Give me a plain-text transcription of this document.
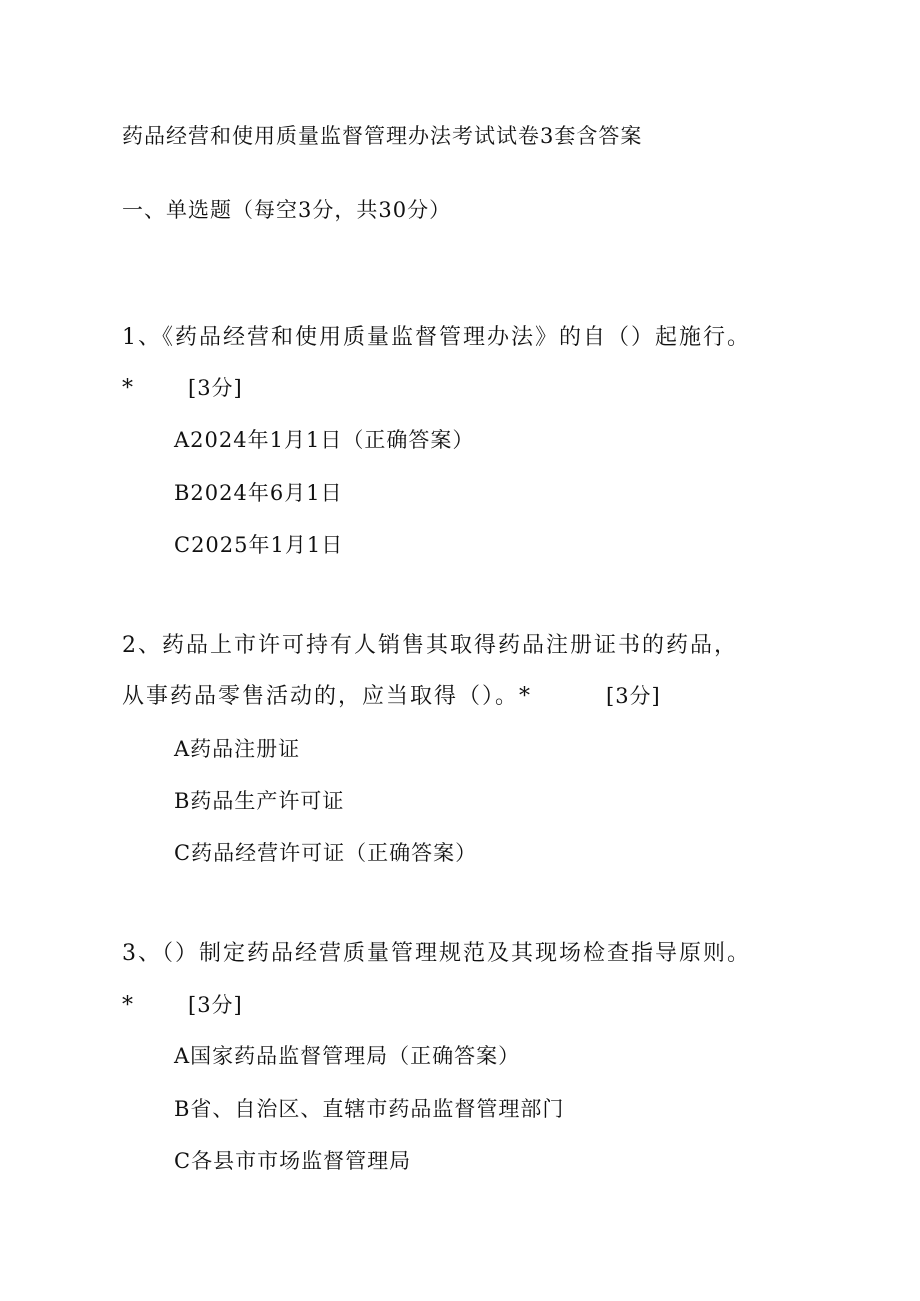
药品经营和使用质量监督管理办法考试试卷3套含答案
一、单选题（每空3分，共30分）
1、《药品经营和使用质量监督管理办法》的自（）起施行。
*	[3分]
A2024年1月1日（正确答案）
B2024年6月1日
C2025年1月1日
2、药品上市许可持有人销售其取得药品注册证书的药品，
从事药品零售活动的，应当取得（）。*	[3分]
A药品注册证
B药品生产许可证
C药品经营许可证（正确答案）
3、（）制定药品经营质量管理规范及其现场检查指导原则。
*	[3分]
A国家药品监督管理局（正确答案）
B省、自治区、直辖市药品监督管理部门
C各县市市场监督管理局
